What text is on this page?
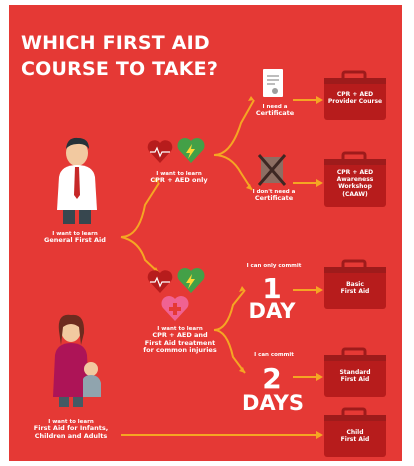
WHICH FIRST AID
COURSE TO TAKE?
I want to learn
General First Aid
I want to learn
First Aid for Infants,
Children and Adults
I want to learn
CPR + AED only
I want to learn
CPR + AED and
First Aid treatment
for common injuries
I need a
Certificate
I don't need a
Certificate
I can only commit
1
DAY
I can commit
2
DAYS
CPR + AED
Provider Course
CPR + AED
Awareness
Workshop
(CAAW)
Basic
First Aid
Standard
First Aid
Child
First Aid
